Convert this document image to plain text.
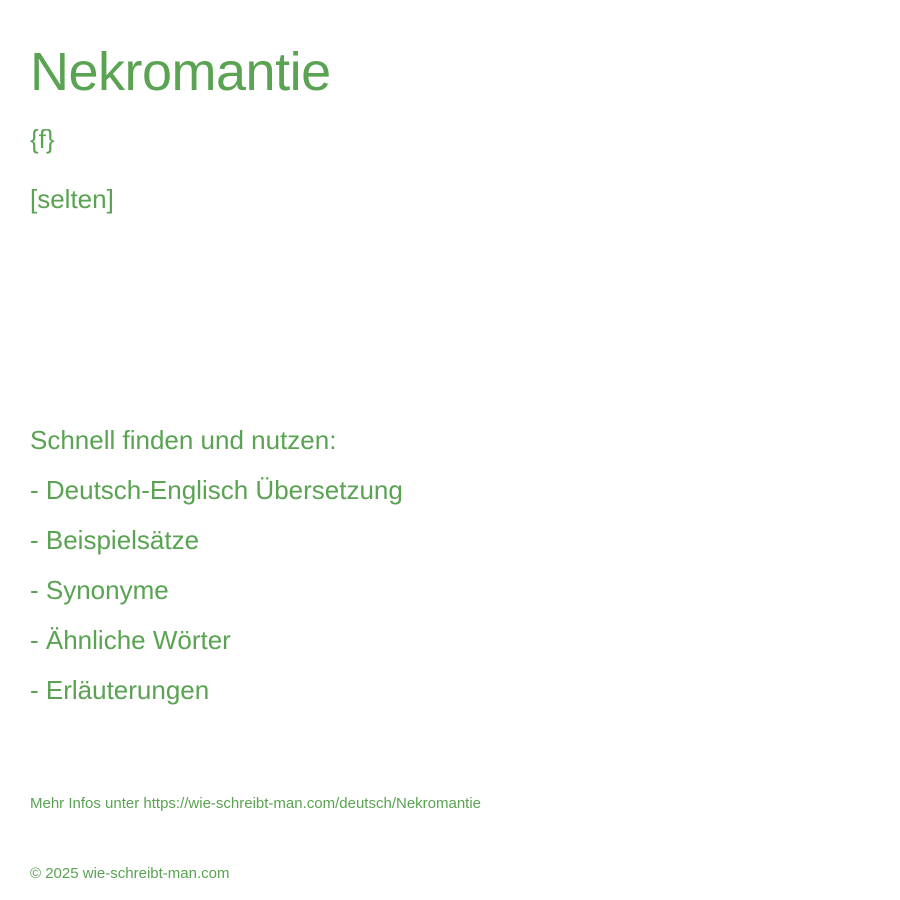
Nekromantie

{f}

[selten]

Schnell finden und nutzen:

- Deutsch-Englisch Übersetzung
- Beispielsätze
- Synonyme
- Ähnliche Wörter
- Erläuterungen

Mehr Infos unter https://wie-schreibt-man.com/deutsch/Nekromantie

© 2025 wie-schreibt-man.com
